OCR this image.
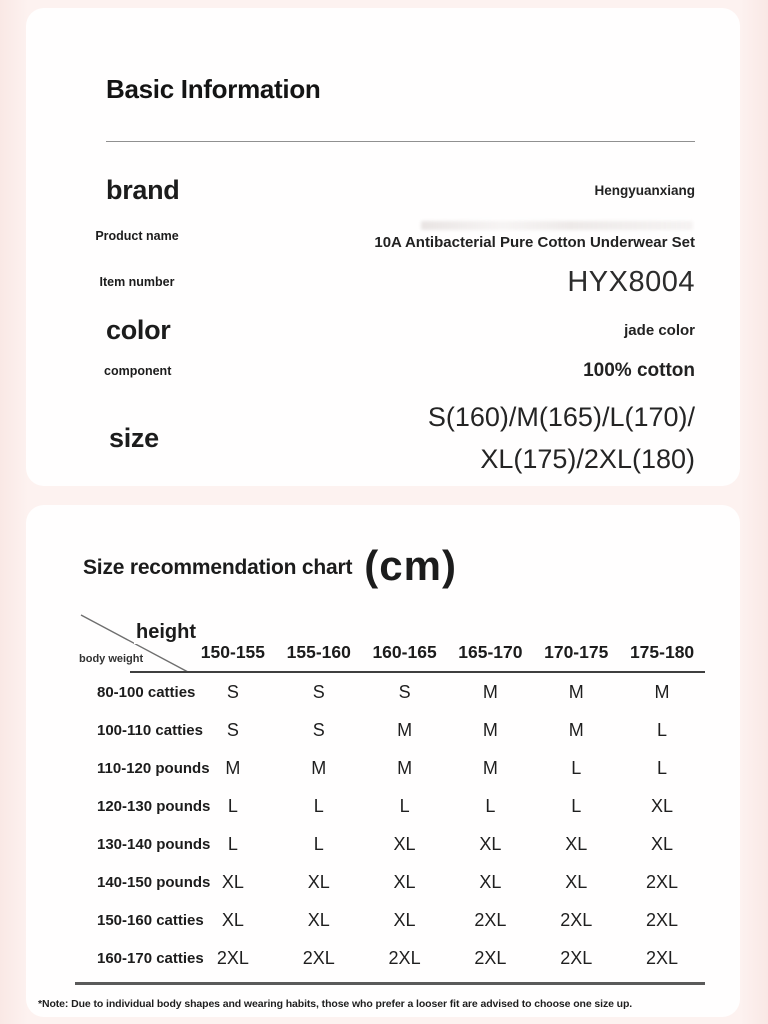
Basic Information
brand	Hengyuanxiang
Product name	10A Antibacterial Pure Cotton Underwear Set
Item number	HYX8004
color	jade color
component	100% cotton
size
S(160)/M(165)/L(170)/
XL(175)/2XL(180)
Size recommendation chart (cm)
height
body weight	150-155	155-160	160-165	165-170	170-175	175-180
80-100 catties	S	S	S	M	M	M
100-110 catties	S	S	M	M	M	L
110-120 pounds M	M	M	M	L	L
120-130 pounds L	L	L	L	L	XL
130-140 pounds L	L	XL	XL	XL	XL
140-150 pounds XL	XL	XL	XL	XL	2XL
150-160 catties	XL	XL	XL	2XL	2XL	2XL
160-170 catties 2XL	2XL	2XL	2XL	2XL	2XL

*Note: Due to individual body shapes and wearing habits, those who prefer a looser fit are advised to choose one size up.
